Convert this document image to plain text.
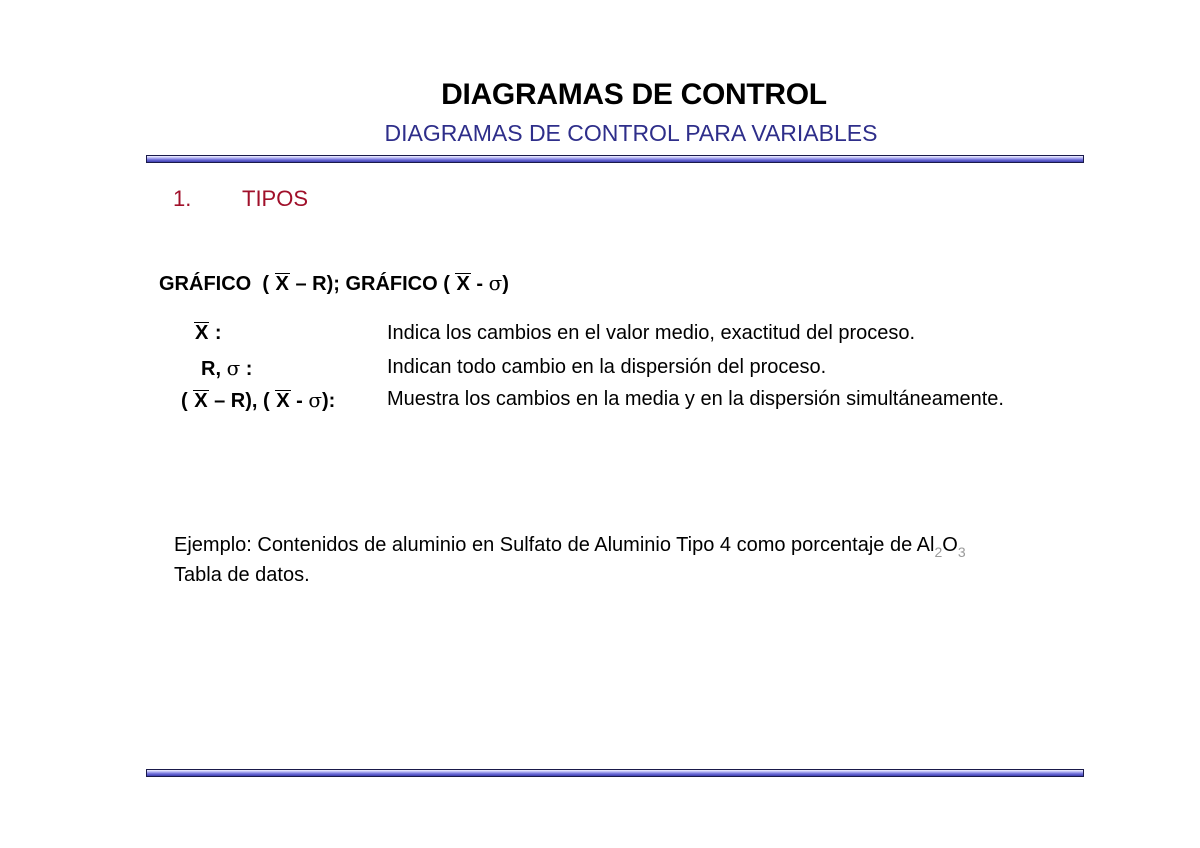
DIAGRAMAS DE CONTROL
DIAGRAMAS DE CONTROL PARA VARIABLES
1. TIPOS
GRÁFICO  ( X – R); GRÁFICO ( X - σ)
X :	Indica los cambios en el valor medio, exactitud del proceso.
R, σ :	Indican todo cambio en la dispersión del proceso.
( X – R), ( X - σ):	Muestra los cambios en la media y en la dispersión simultáneamente.
Ejemplo: Contenidos de aluminio en Sulfato de Aluminio Tipo 4 como porcentaje de $Al_2O_3$
Tabla de datos.
